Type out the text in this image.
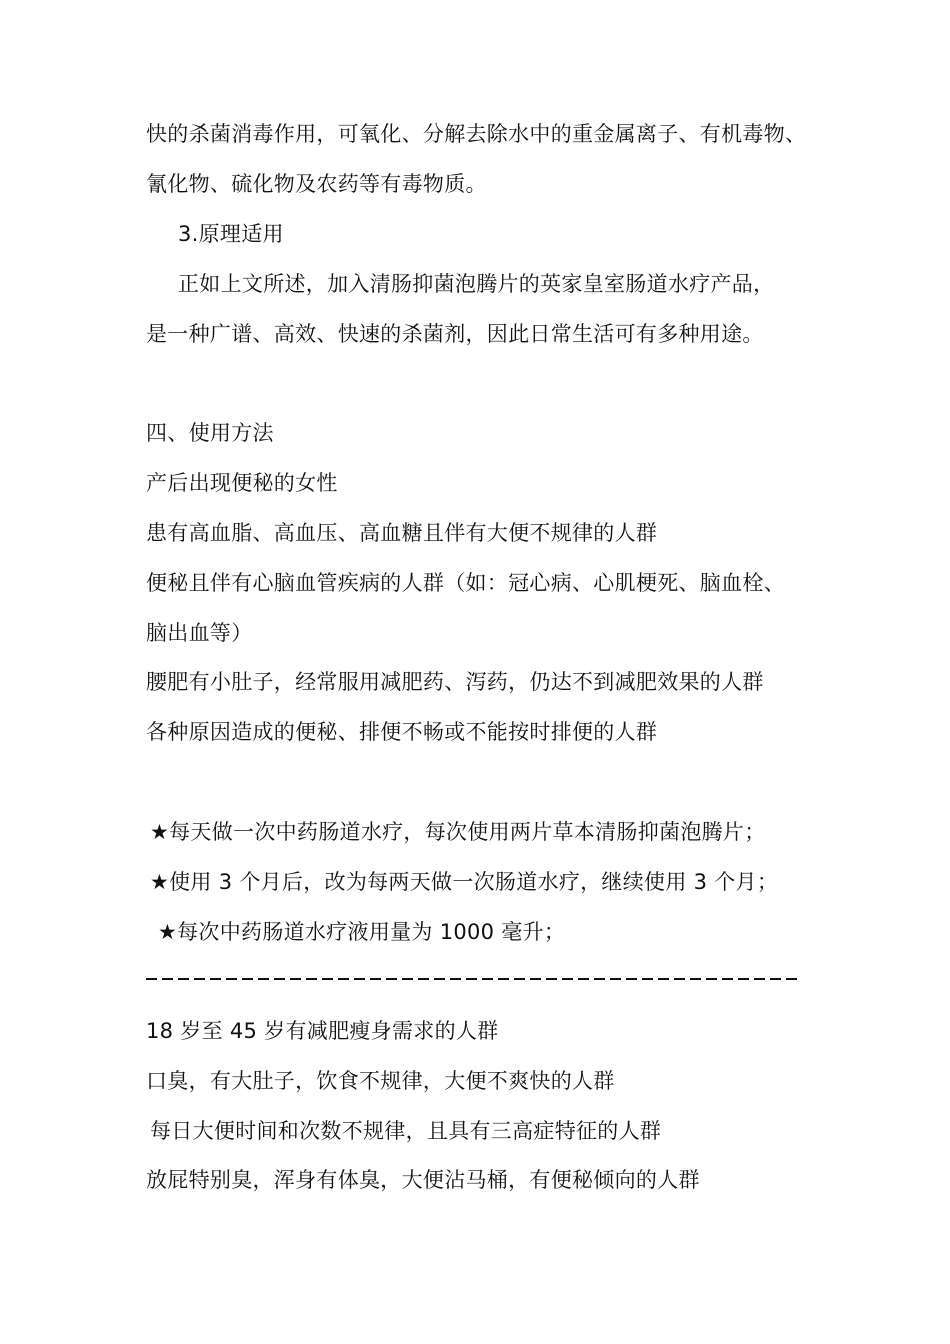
快的杀菌消毒作用，可氧化、分解去除水中的重金属离子、有机毒物、

氰化物、硫化物及农药等有毒物质。

3.原理适用

正如上文所述，加入清肠抑菌泡腾片的英家皇室肠道水疗产品，

是一种广谱、高效、快速的杀菌剂，因此日常生活可有多种用途。

四、使用方法

产后出现便秘的女性

患有高血脂、高血压、高血糖且伴有大便不规律的人群

便秘且伴有心脑血管疾病的人群（如：冠心病、心肌梗死、脑血栓、

脑出血等）

腰肥有小肚子，经常服用减肥药、泻药，仍达不到减肥效果的人群

各种原因造成的便秘、排便不畅或不能按时排便的人群

★每天做一次中药肠道水疗，每次使用两片草本清肠抑菌泡腾片；

★使用 3 个月后，改为每两天做一次肠道水疗，继续使用 3 个月；

★每次中药肠道水疗液用量为 1000 毫升；

18 岁至 45 岁有减肥瘦身需求的人群

口臭，有大肚子，饮食不规律，大便不爽快的人群

每日大便时间和次数不规律，且具有三高症特征的人群

放屁特别臭，浑身有体臭，大便沾马桶，有便秘倾向的人群
